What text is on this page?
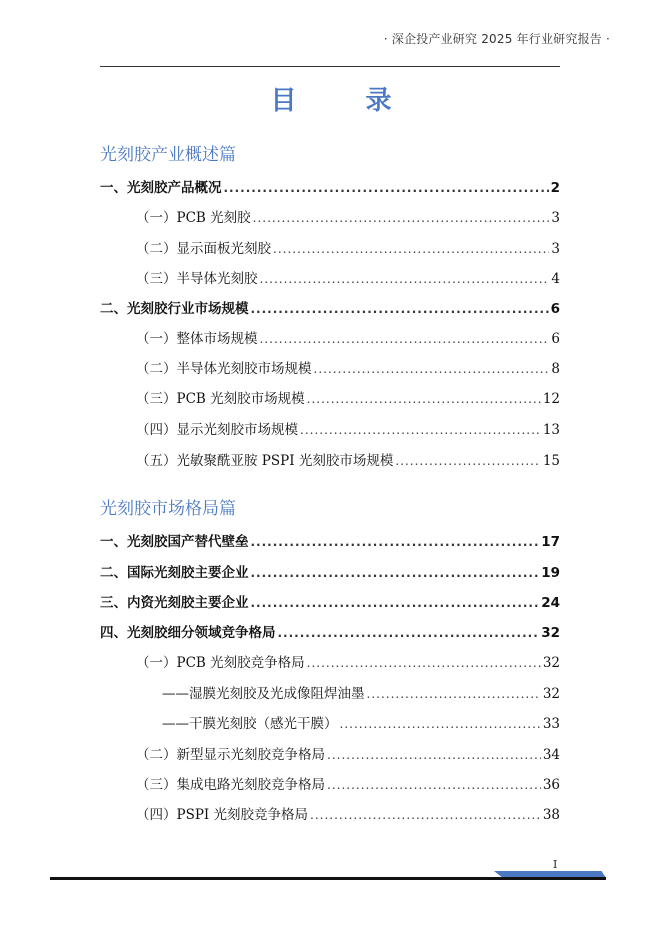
· 深企投产业研究 2025 年行业研究报告 ·
目 录
光刻胶产业概述篇
一、光刻胶产品概况 .....	2
（一）PCB 光刻胶 .....	3
（二）显示面板光刻胶 .....	3
（三）半导体光刻胶 .....	4
二、光刻胶行业市场规模 .....	6
（一）整体市场规模 .....	6
（二）半导体光刻胶市场规模 .....	8
（三）PCB 光刻胶市场规模 .....	12
（四）显示光刻胶市场规模 .....	13
（五）光敏聚酰亚胺 PSPI 光刻胶市场规模 .....	15
光刻胶市场格局篇
一、光刻胶国产替代壁垒 .....	17
二、国际光刻胶主要企业 .....	19
三、内资光刻胶主要企业 .....	24
四、光刻胶细分领域竞争格局 .....	32
（一）PCB 光刻胶竞争格局 .....	32
——湿膜光刻胶及光成像阻焊油墨 .....	32
——干膜光刻胶（感光干膜） .....	33
（二）新型显示光刻胶竞争格局 .....	34
（三）集成电路光刻胶竞争格局 .....	36
（四）PSPI 光刻胶竞争格局 .....	38
I
